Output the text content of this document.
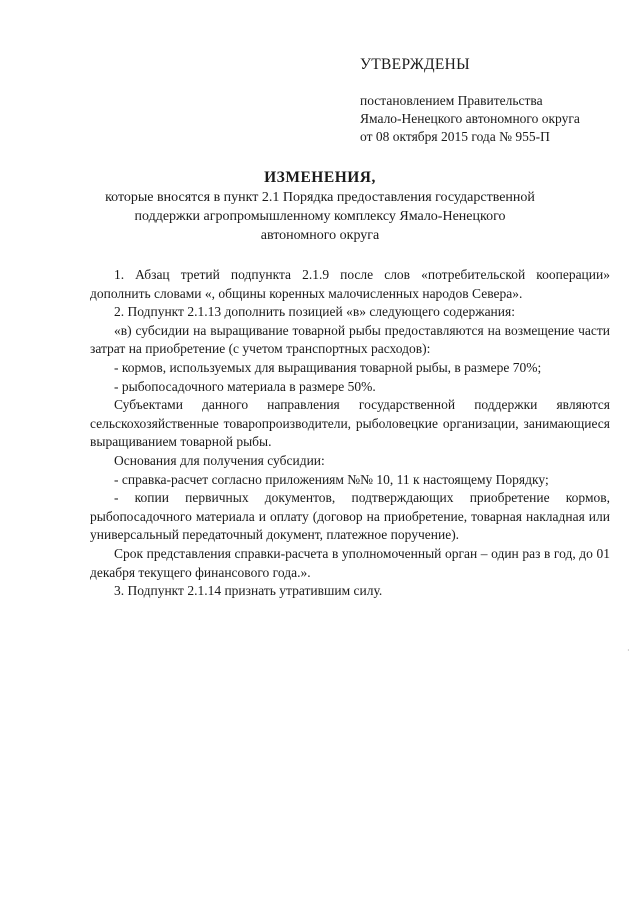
УТВЕРЖДЕНЫ
постановлением Правительства
Ямало-Ненецкого автономного округа
от 08 октября 2015 года № 955-П
ИЗМЕНЕНИЯ,
которые вносятся в пункт 2.1 Порядка предоставления государственной
поддержки агропромышленному комплексу Ямало-Ненецкого
автономного округа

1. Абзац третий подпункта 2.1.9 после слов «потребительской кооперации» дополнить словами «, общины коренных малочисленных народов Севера».

2. Подпункт 2.1.13 дополнить позицией «в» следующего содержания:

«в) субсидии на выращивание товарной рыбы предоставляются на возмещение части затрат на приобретение (с учетом транспортных расходов):

- кормов, используемых для выращивания товарной рыбы, в размере 70%;

- рыбопосадочного материала в размере 50%.

Субъектами данного направления государственной поддержки являются сельскохозяйственные товаропроизводители, рыболовецкие организации, занимающиеся выращиванием товарной рыбы.

Основания для получения субсидии:

- справка-расчет согласно приложениям №№ 10, 11 к настоящему Порядку;

- копии первичных документов, подтверждающих приобретение кормов, рыбопосадочного материала и оплату (договор на приобретение, товарная накладная или универсальный передаточный документ, платежное поручение).

Срок представления справки-расчета в уполномоченный орган – один раз в год, до 01 декабря текущего финансового года.».

3. Подпункт 2.1.14 признать утратившим силу.

·
